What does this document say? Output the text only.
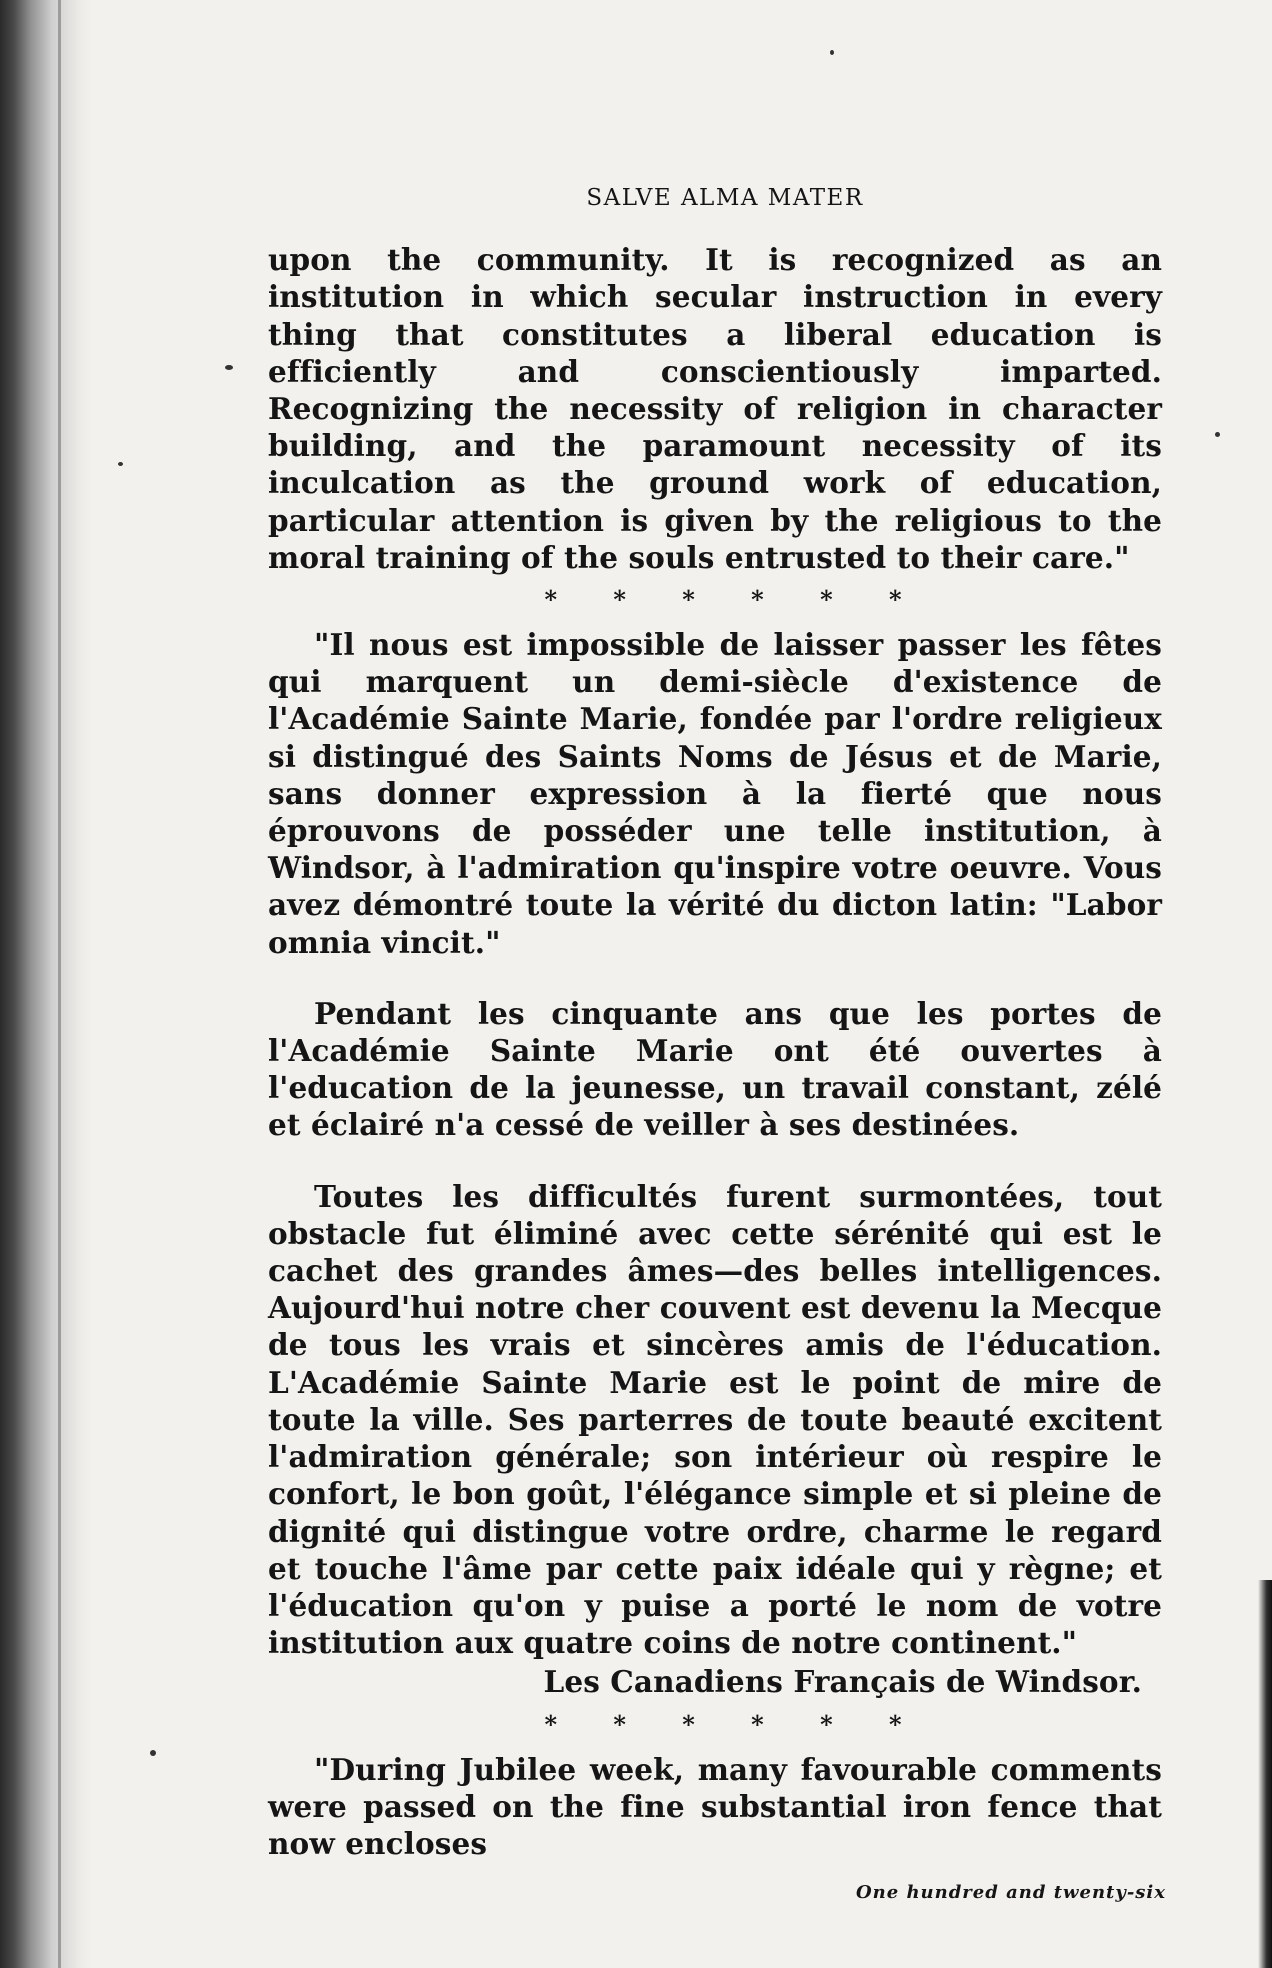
SALVE ALMA MATER

upon the community. It is recognized as an institution in which secular instruction in every thing that constitutes a liberal education is efficiently and conscientiously imparted. Recognizing the necessity of religion in character building, and the paramount necessity of its inculcation as the ground work of education, particular attention is given by the religious to the moral training of the souls entrusted to their care."

* * * * * *

"Il nous est impossible de laisser passer les fêtes qui marquent un demi-siècle d'existence de l'Académie Sainte Marie, fondée par l'ordre religieux si distingué des Saints Noms de Jésus et de Marie, sans donner expression à la fierté que nous éprouvons de posséder une telle institution, à Windsor, à l'admiration qu'inspire votre oeuvre. Vous avez démontré toute la vérité du dicton latin: "Labor omnia vincit."

Pendant les cinquante ans que les portes de l'Académie Sainte Marie ont été ouvertes à l'education de la jeunesse, un travail constant, zélé et éclairé n'a cessé de veiller à ses destinées.

Toutes les difficultés furent surmontées, tout obstacle fut éliminé avec cette sérénité qui est le cachet des grandes âmes—des belles intelligences. Aujourd'hui notre cher couvent est devenu la Mecque de tous les vrais et sincères amis de l'éducation. L'Académie Sainte Marie est le point de mire de toute la ville. Ses parterres de toute beauté excitent l'admiration générale; son intérieur où respire le confort, le bon goût, l'élégance simple et si pleine de dignité qui distingue votre ordre, charme le regard et touche l'âme par cette paix idéale qui y règne; et l'éducation qu'on y puise a porté le nom de votre institution aux quatre coins de notre continent."

Les Canadiens Français de Windsor.
* * * * * *

"During Jubilee week, many favourable comments were passed on the fine substantial iron fence that now encloses

One hundred and twenty-six
